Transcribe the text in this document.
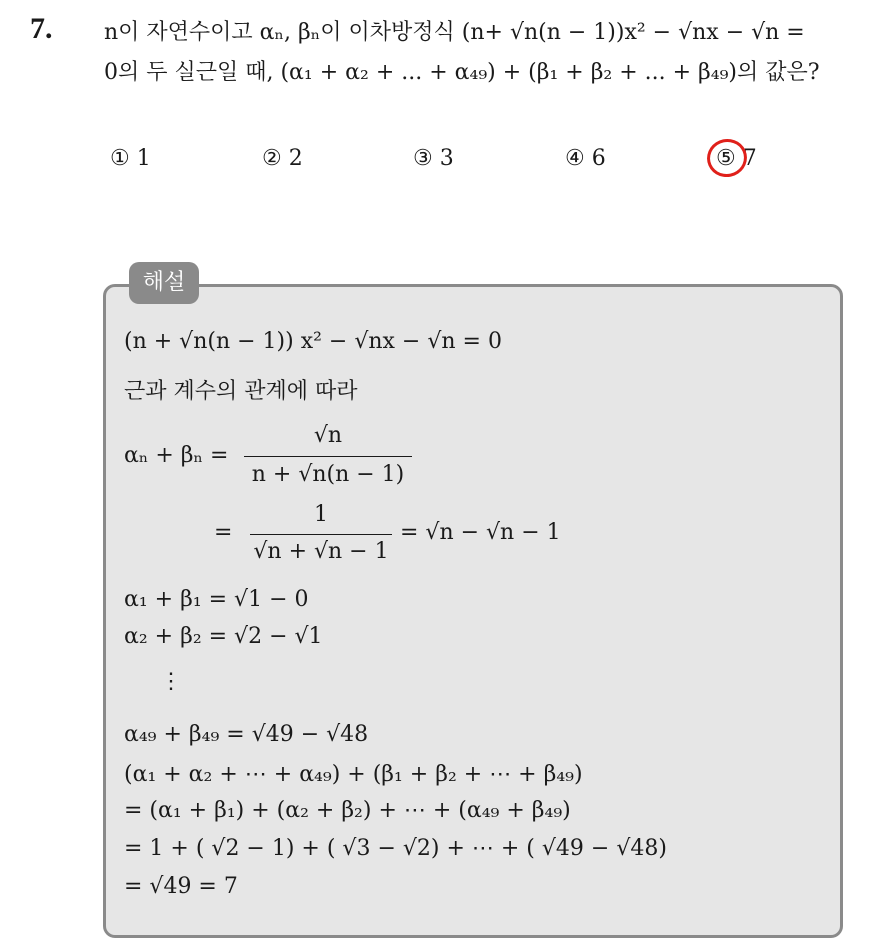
7. n이 자연수이고 αₙ, βₙ이 이차방정식 (n+ √n(n − 1))x² − √nx − √n =
0의 두 실근일 때, (α₁ + α₂ + ... + α₄₉) + (β₁ + β₂ + ... + β₄₉)의 값은?
① 1	② 2	③ 3	④ 6	⑤ 7
해설
(n + √n(n − 1)) x² − √nx − √n = 0
근과 계수의 관계에 따라
αₙ + βₙ =
√n
n + √n(n − 1)
=
1
√n + √n − 1
= √n − √n − 1
α₁ + β₁ = √1 − 0
α₂ + β₂ = √2 − √1
⋮
α₄₉ + β₄₉ = √49 − √48
(α₁ + α₂ + ⋯ + α₄₉) + (β₁ + β₂ + ⋯ + β₄₉)
= (α₁ + β₁) + (α₂ + β₂) + ⋯ + (α₄₉ + β₄₉)
= 1 + ( √2 − 1) + ( √3 − √2) + ⋯ + ( √49 − √48)
= √49 = 7
